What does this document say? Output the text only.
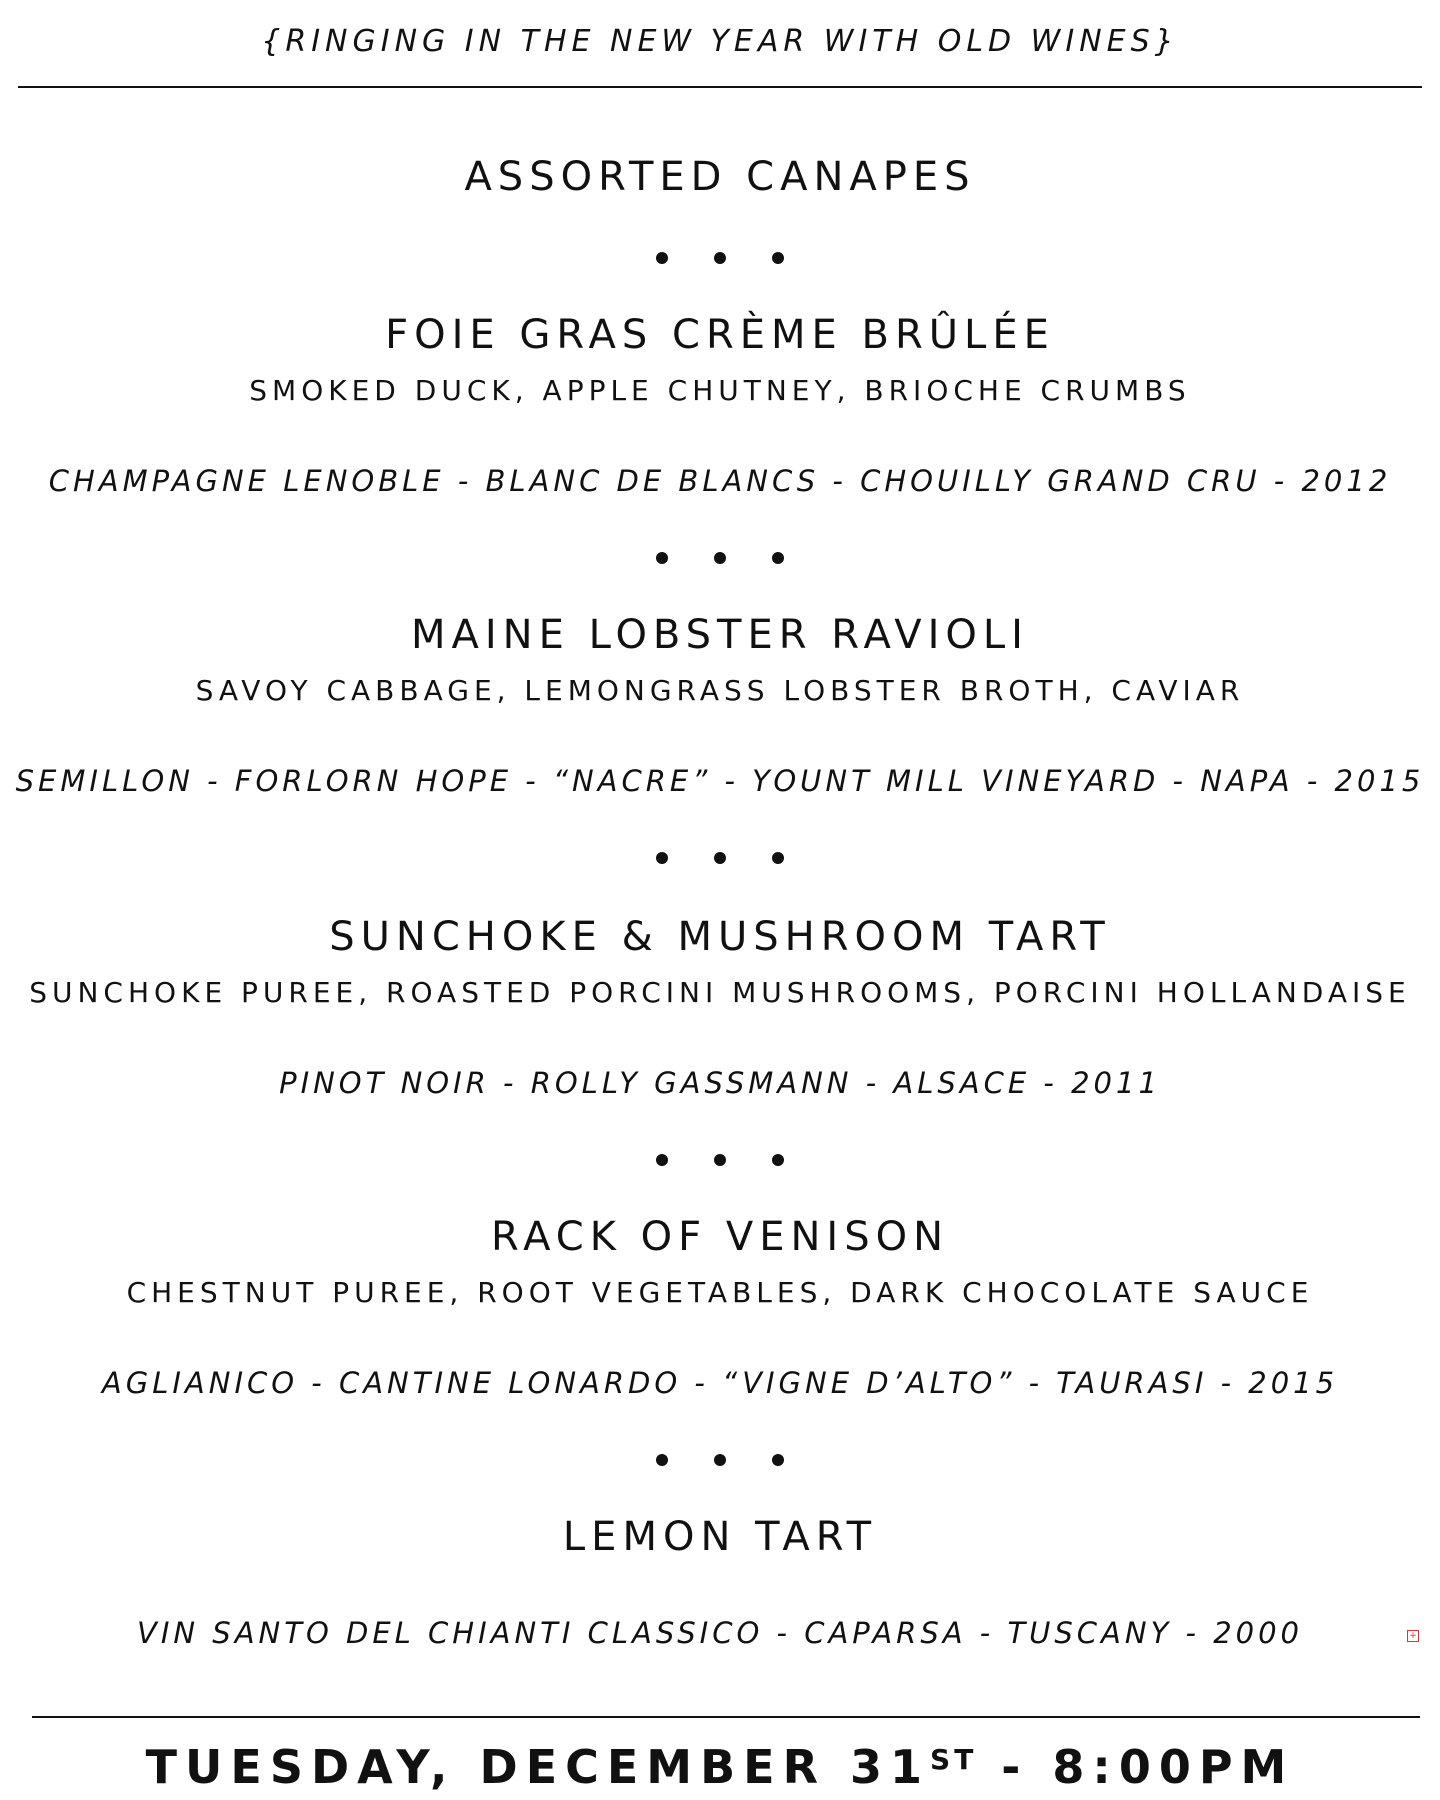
{RINGING IN THE NEW YEAR WITH OLD WINES}
ASSORTED CANAPES
FOIE GRAS CRÈME BRÛLÉE
SMOKED DUCK, APPLE CHUTNEY, BRIOCHE CRUMBS
CHAMPAGNE LENOBLE - BLANC DE BLANCS - CHOUILLY GRAND CRU - 2012
MAINE LOBSTER RAVIOLI
SAVOY CABBAGE, LEMONGRASS LOBSTER BROTH, CAVIAR
SEMILLON - FORLORN HOPE - “NACRE” - YOUNT MILL VINEYARD - NAPA - 2015
SUNCHOKE & MUSHROOM TART
SUNCHOKE PUREE, ROASTED PORCINI MUSHROOMS, PORCINI HOLLANDAISE
PINOT NOIR - ROLLY GASSMANN - ALSACE - 2011
RACK OF VENISON
CHESTNUT PUREE, ROOT VEGETABLES, DARK CHOCOLATE SAUCE
AGLIANICO - CANTINE LONARDO - “VIGNE D’ALTO” - TAURASI - 2015
LEMON TART
VIN SANTO DEL CHIANTI CLASSICO - CAPARSA - TUSCANY - 2000	+
TUESDAY, DECEMBER 31ST - 8:00PM
